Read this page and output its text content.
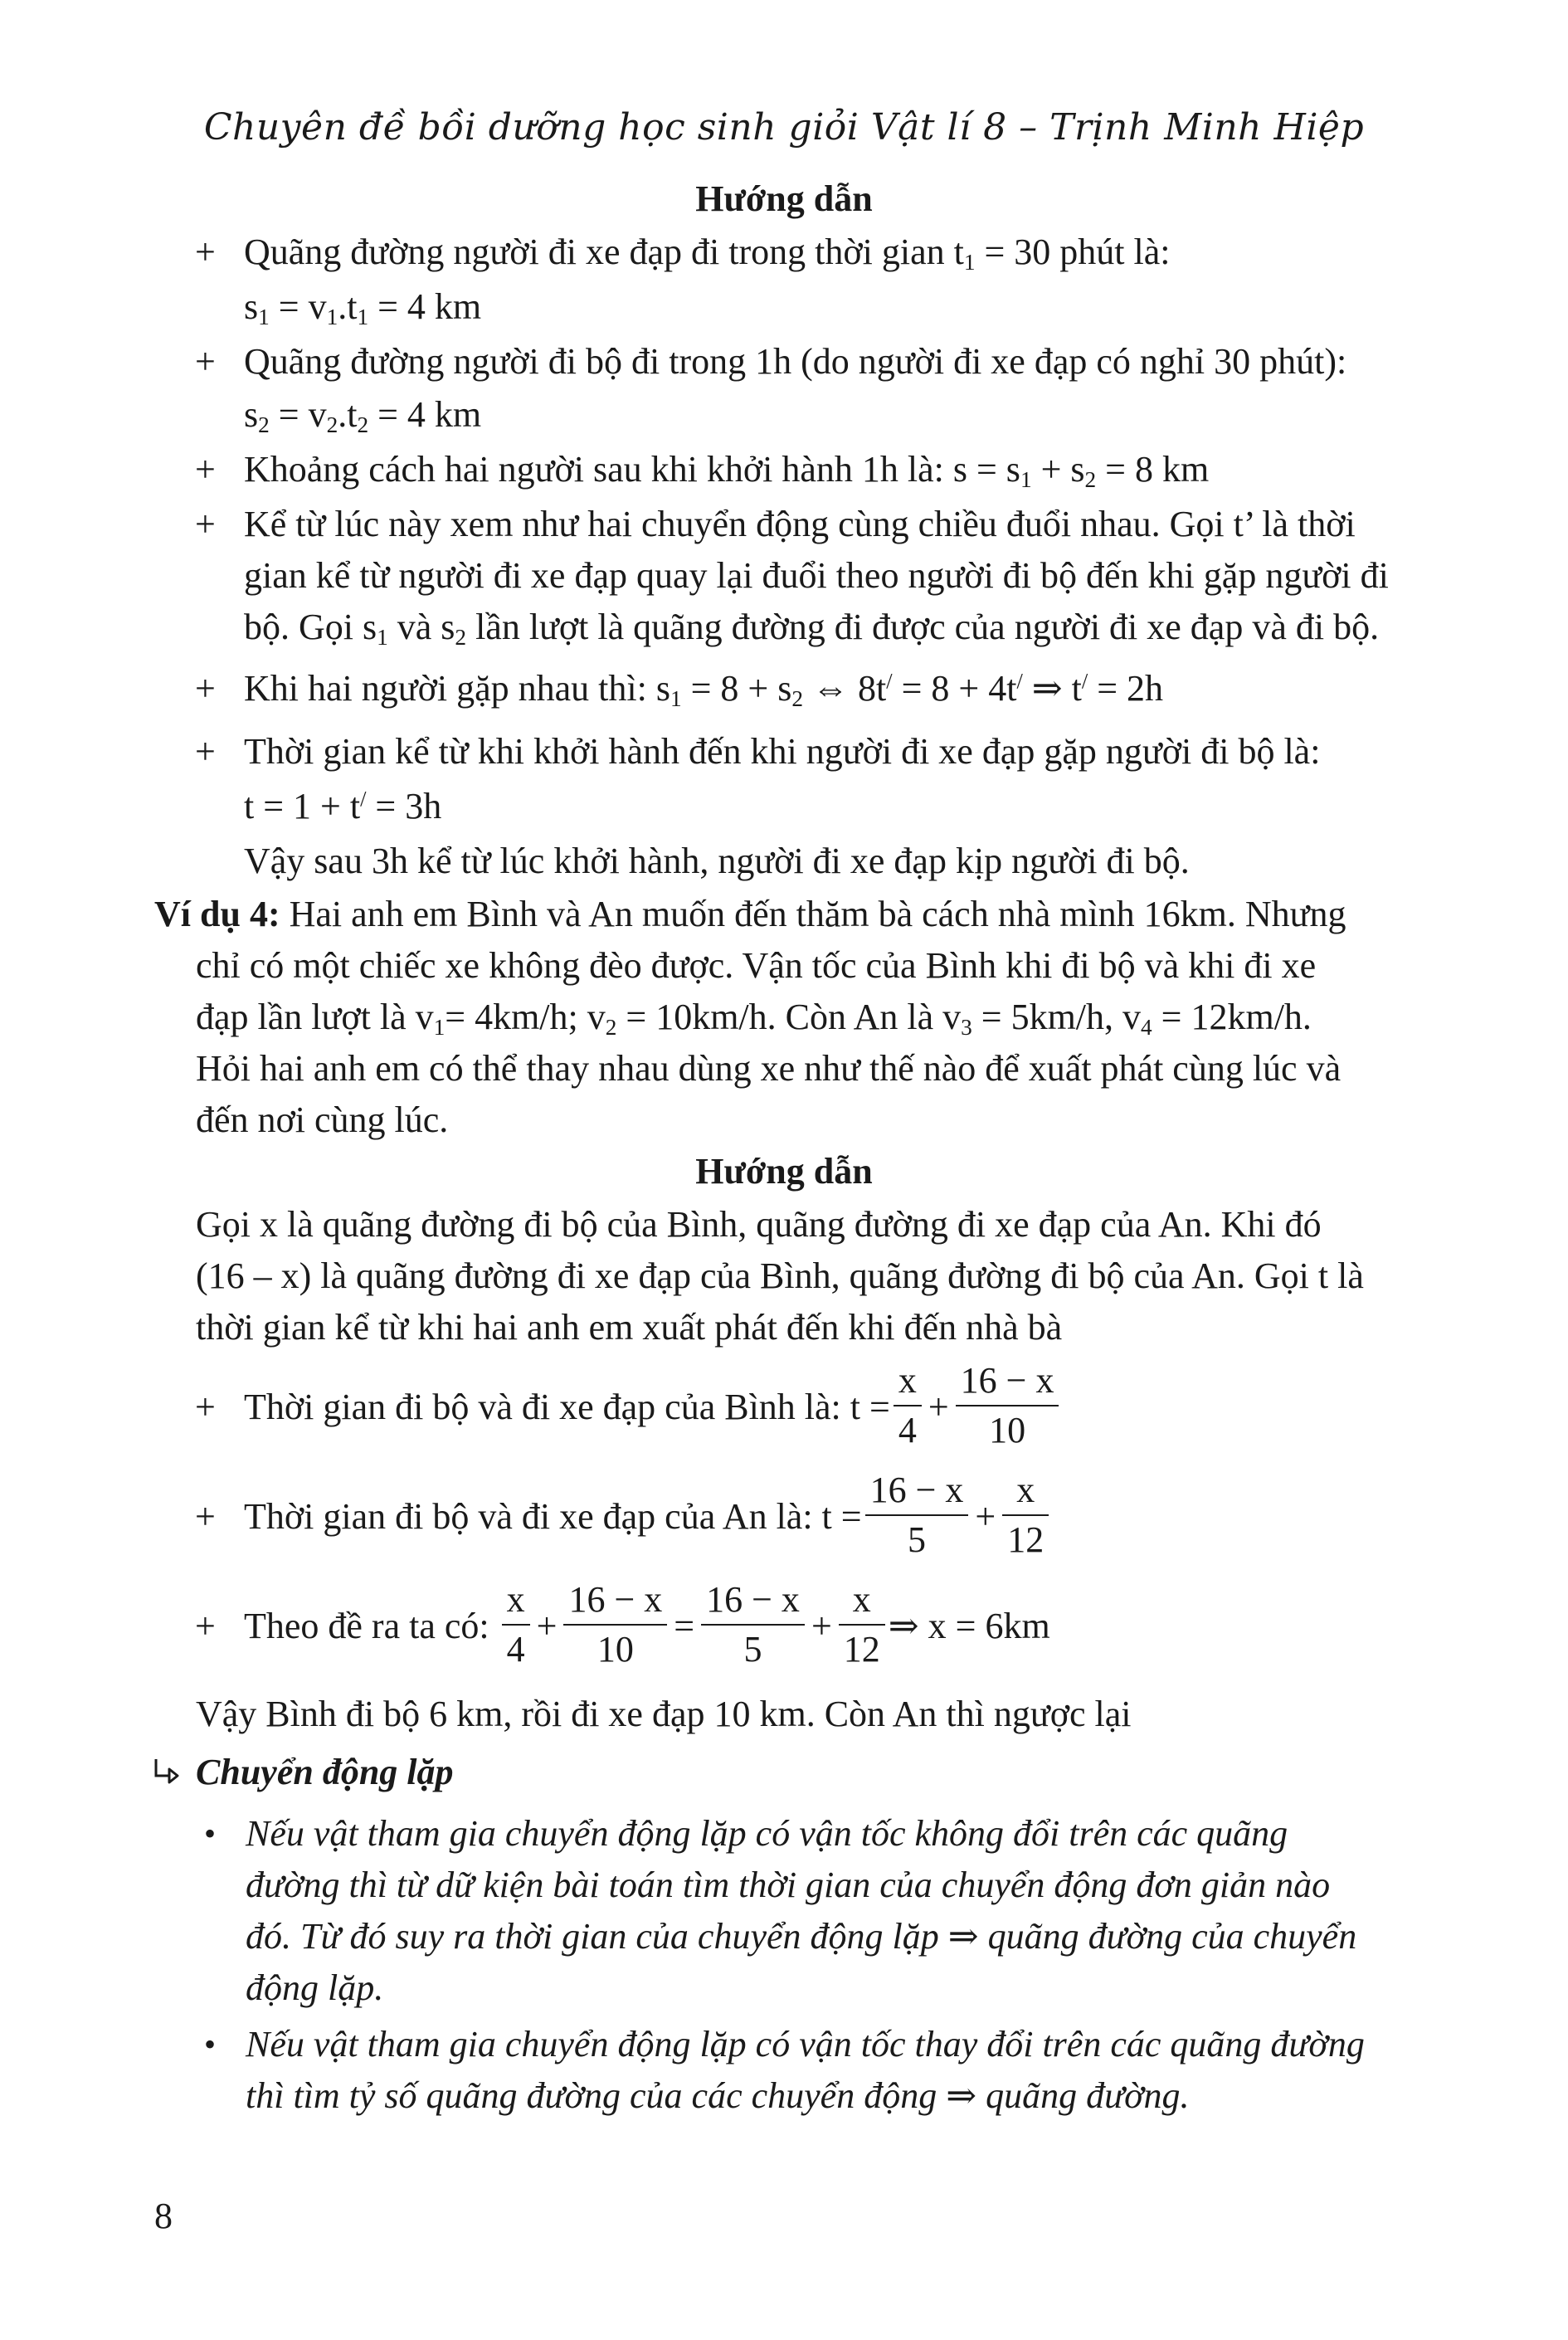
Chuyên đề bồi dưỡng học sinh giỏi Vật lí 8 – Trịnh Minh Hiệp
Hướng dẫn
+ Quãng đường người đi xe đạp đi trong thời gian $t_1 = 30$ phút là:
$s_1 = v_1.t_1 = 4$ km
+ Quãng đường người đi bộ đi trong 1h (do người đi xe đạp có nghỉ 30 phút):
$s_2 = v_2.t_2 = 4$ km
+ Khoảng cách hai người sau khi khởi hành 1h là: $s = s_1 + s_2 = 8$ km
+ Kể từ lúc này xem như hai chuyển động cùng chiều đuổi nhau. Gọi t’ là thời
gian kể từ người đi xe đạp quay lại đuổi theo người đi bộ đến khi gặp người đi
bộ. Gọi $s_1$ và $s_2$ lần lượt là quãng đường đi được của người đi xe đạp và đi bộ.
+ Khi hai người gặp nhau thì: $s_1 = 8 + s_2$ ⇔ 8t/ = 8 + 4t/ ⇒ t/ = 2h
+ Thời gian kể từ khi khởi hành đến khi người đi xe đạp gặp người đi bộ là:
t = 1 + t/ = 3h
Vậy sau 3h kể từ lúc khởi hành, người đi xe đạp kịp người đi bộ.
Ví dụ 4: Hai anh em Bình và An muốn đến thăm bà cách nhà mình 16km. Nhưng
chỉ có một chiếc xe không đèo được. Vận tốc của Bình khi đi bộ và khi đi xe
đạp lần lượt là $v_1= 4km/h$; $v_2 = 10km/h$. Còn An là $v_3 = 5km/h$, $v_4 = 12km/h$.
Hỏi hai anh em có thể thay nhau dùng xe như thế nào để xuất phát cùng lúc và
đến nơi cùng lúc.
Hướng dẫn
Gọi x là quãng đường đi bộ của Bình, quãng đường đi xe đạp của An. Khi đó
(16 – x) là quãng đường đi xe đạp của Bình, quãng đường đi bộ của An. Gọi t là
thời gian kể từ khi hai anh em xuất phát đến khi đến nhà bà
+ Thời gian đi bộ và đi xe đạp của Bình là: $t = \frac{x}{4} + \frac{16 - x}{10}$
+ Thời gian đi bộ và đi xe đạp của An là: $t = \frac{16 - x}{5} + \frac{x}{12}$
+ Theo đề ra ta có: $\frac{x}{4} + \frac{16 - x}{10} = \frac{16 - x}{5} + \frac{x}{12}$ ⇒ x = 6km
Vậy Bình đi bộ 6 km, rồi đi xe đạp 10 km. Còn An thì ngược lại
Chuyển động lặp
• Nếu vật tham gia chuyển động lặp có vận tốc không đổi trên các quãng
đường thì từ dữ kiện bài toán tìm thời gian của chuyển động đơn giản nào
đó. Từ đó suy ra thời gian của chuyển động lặp ⇒ quãng đường của chuyển
động lặp.
• Nếu vật tham gia chuyển động lặp có vận tốc thay đổi trên các quãng đường
thì tìm tỷ số quãng đường của các chuyển động ⇒ quãng đường.
8
